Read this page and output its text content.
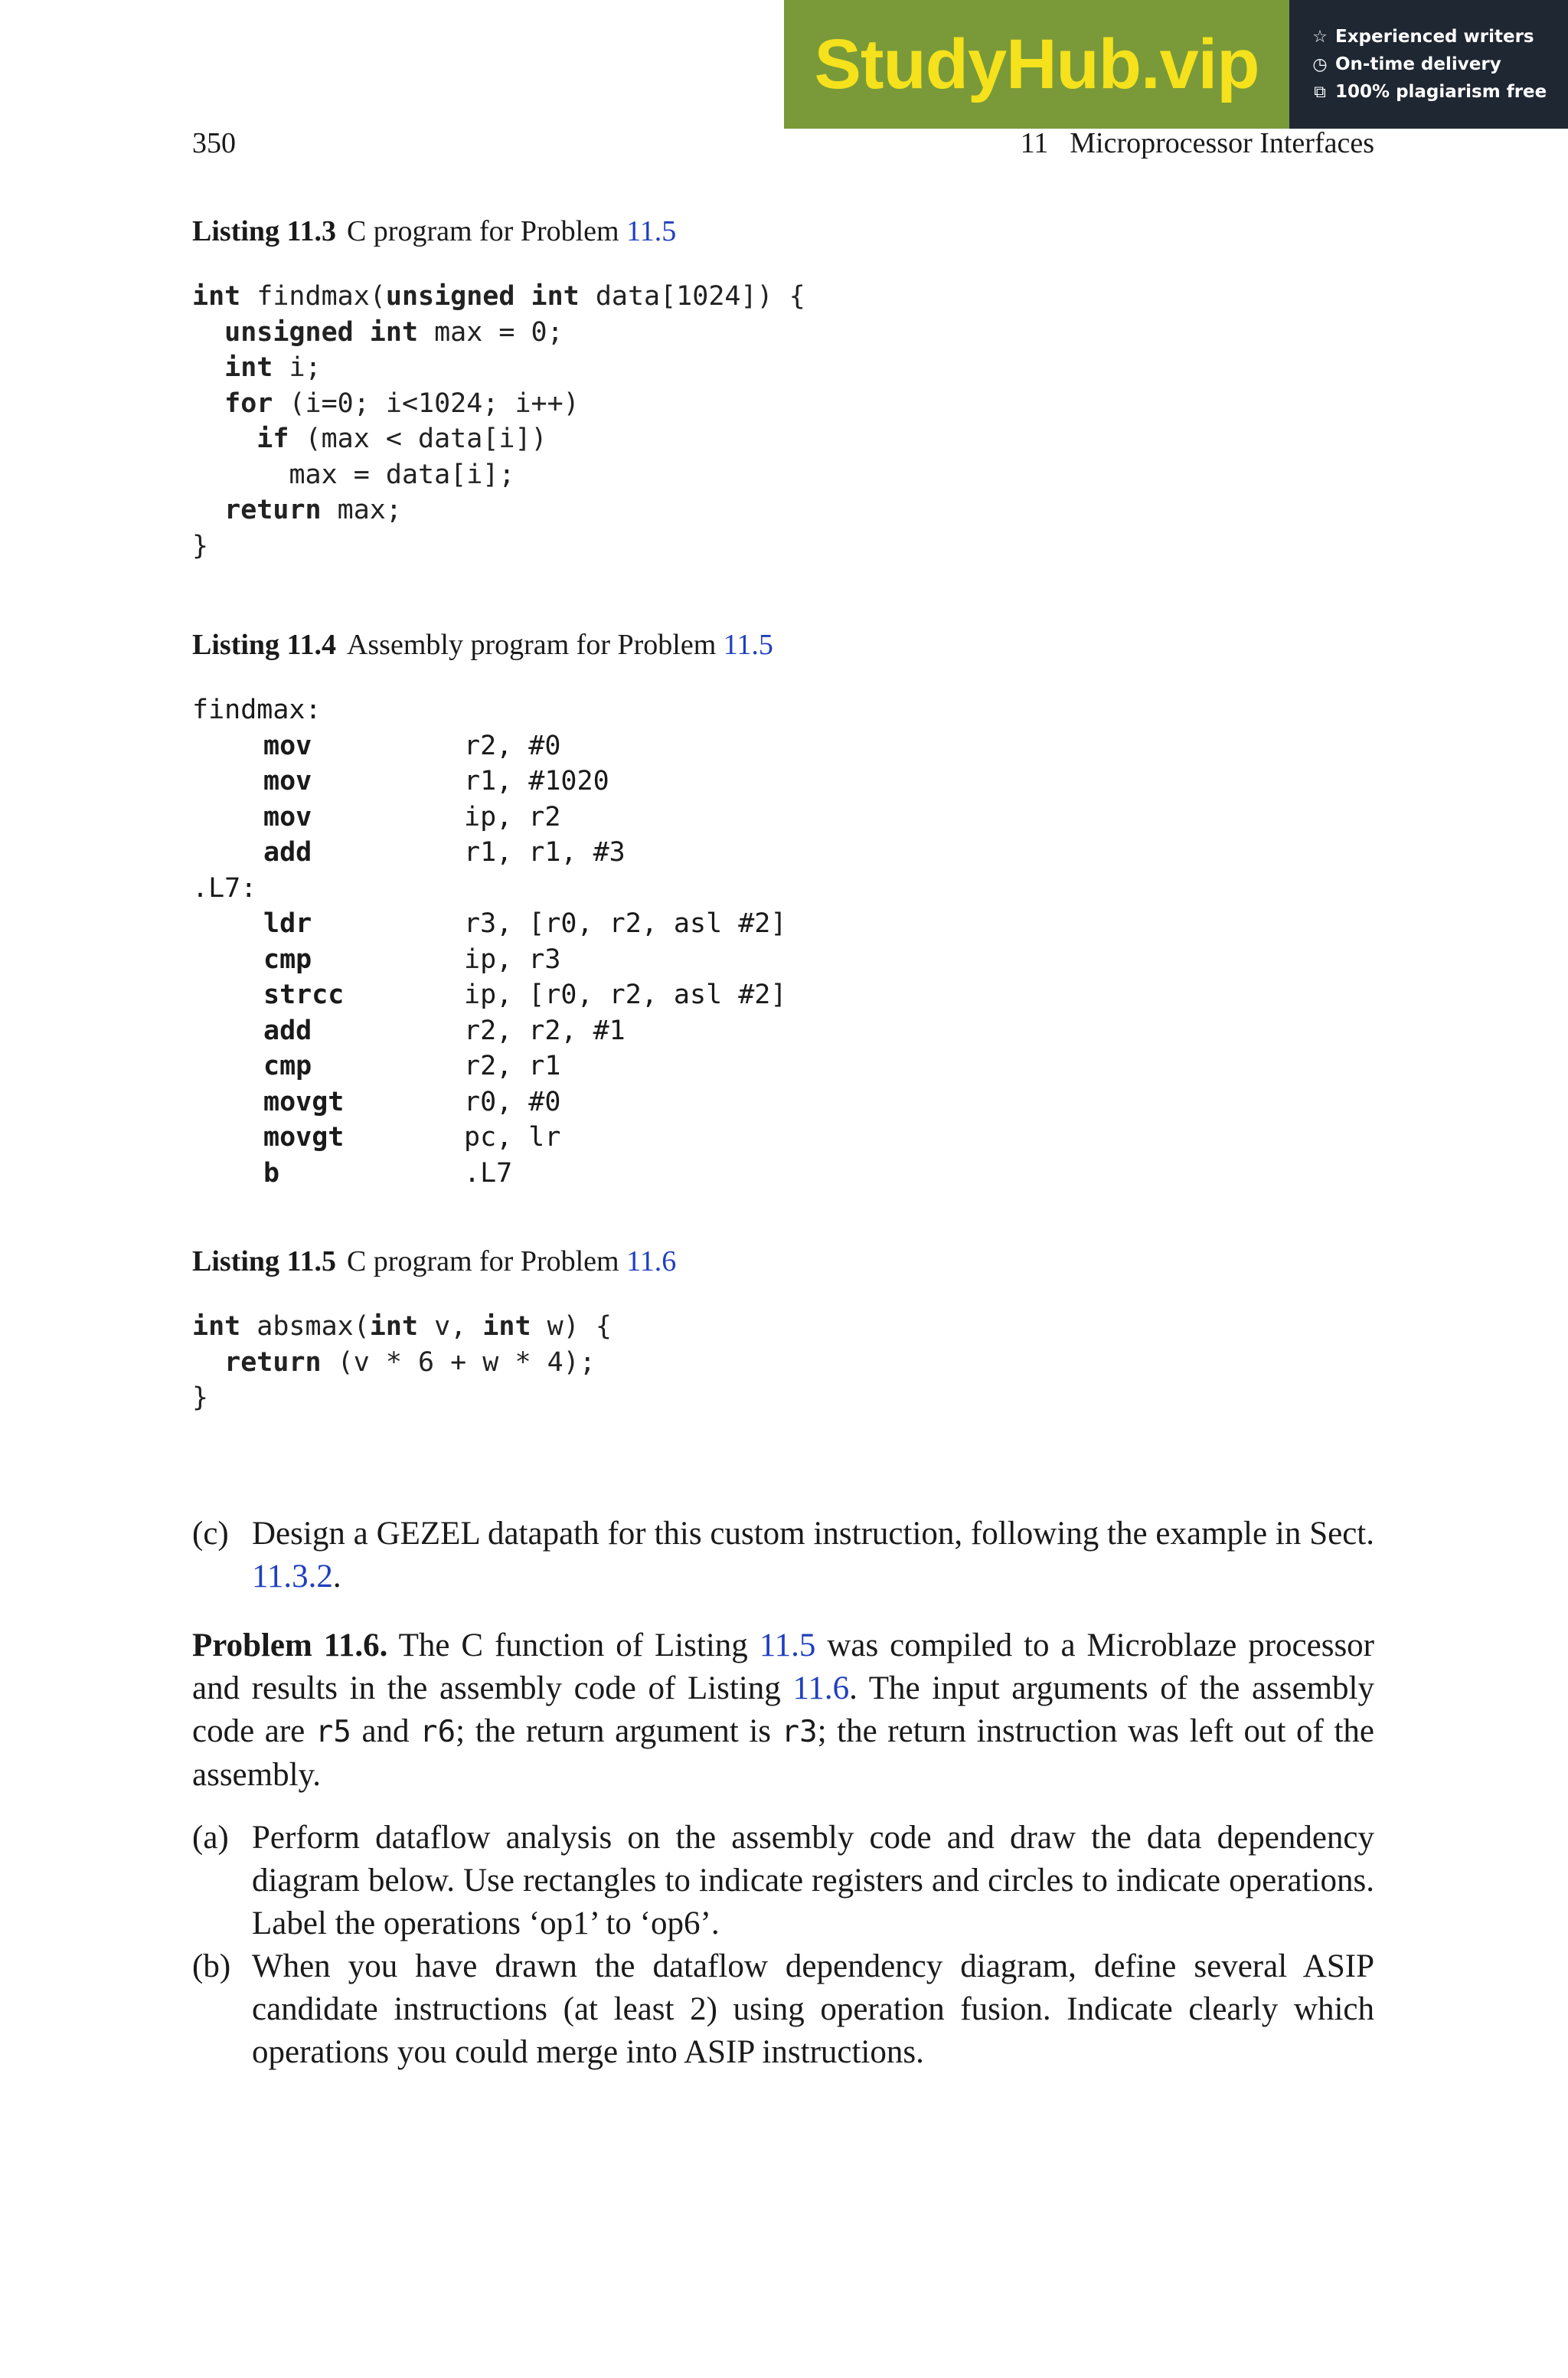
StudyHub.vip	☆ Experienced writers
◷ On-time delivery
⧉ 100% plagiarism free
350	11 Microprocessor Interfaces
Listing 11.3 C program for Problem 11.5
int findmax(unsigned int data[1024]) {
unsigned int max = 0;
int i;
for (i=0; i<1024; i++)
if (max < data[i])
max = data[i];
return max;
}
Listing 11.4 Assembly program for Problem 11.5
findmax:
mov	r2, #0
mov	r1, #1020
mov	ip, r2
add	r1, r1, #3
.L7:
ldr	r3, [r0, r2, asl #2]
cmp	ip, r3
strcc	ip, [r0, r2, asl #2]
add	r2, r2, #1
cmp	r2, r1
movgt	r0, #0
movgt	pc, lr
b	.L7
Listing 11.5 C program for Problem 11.6
int absmax(int v, int w) {
return (v * 6 + w * 4);
}
(c) Design a GEZEL datapath for this custom instruction, following the example in Sect. 11.3.2.
Problem 11.6. The C function of Listing 11.5 was compiled to a Microblaze processor and results in the assembly code of Listing 11.6. The input arguments of the assembly code are r5 and r6; the return argument is r3; the return instruction was left out of the assembly.
(a) Perform dataflow analysis on the assembly code and draw the data dependency diagram below. Use rectangles to indicate registers and circles to indicate operations. Label the operations ‘op1’ to ‘op6’.
(b) When you have drawn the dataflow dependency diagram, define several ASIP candidate instructions (at least 2) using operation fusion. Indicate clearly which operations you could merge into ASIP instructions.
